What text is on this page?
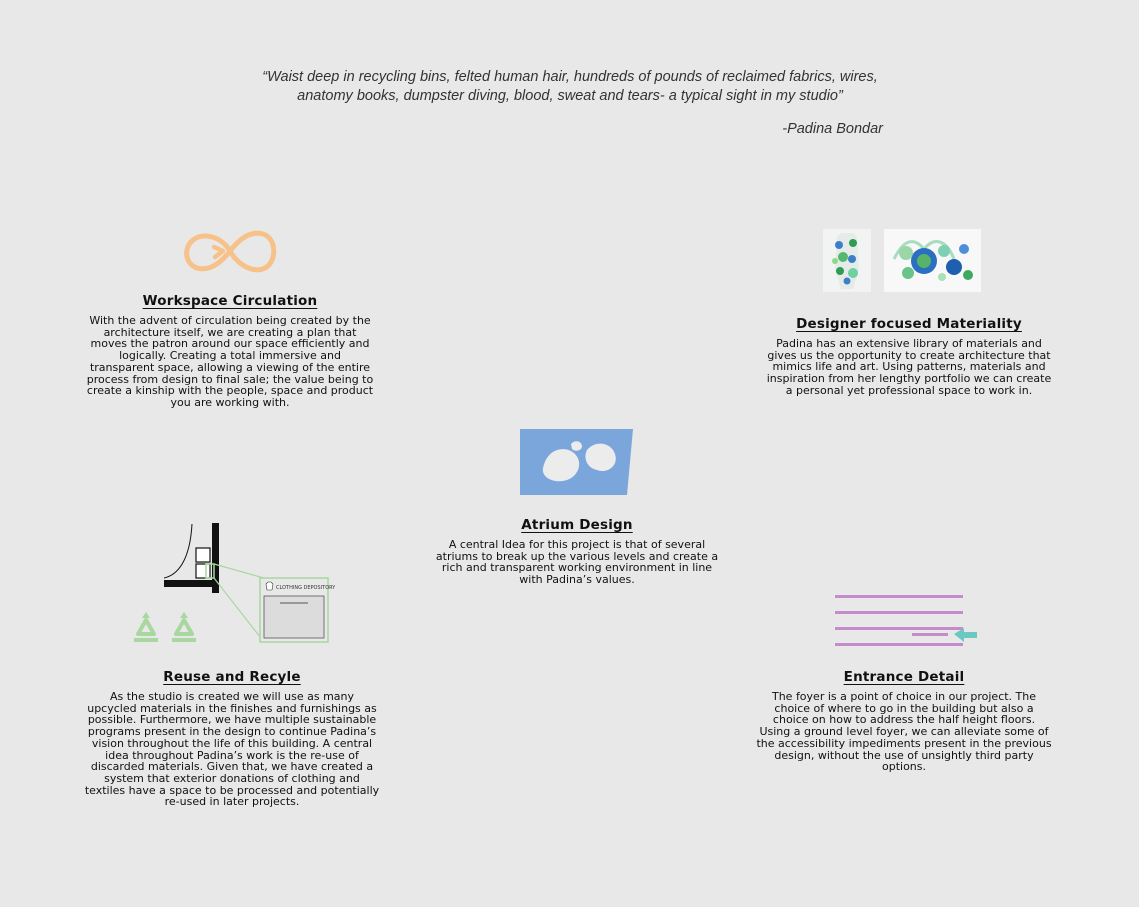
“Waist deep in recycling bins, felted human hair, hundreds of pounds of reclaimed fabrics, wires,
anatomy books, dumpster diving, blood, sweat and tears- a typical sight in my studio”
-Padina Bondar
Workspace Circulation

With the advent of circulation being created by the architecture itself, we are creating a plan that moves the patron around our space efficiently and logically. Creating a total immersive and transparent space, allowing a viewing of the entire process from design to final sale; the value being to create a kinship with the people, space and product you are working with.

Designer focused Materiality

Padina has an extensive library of materials and gives us the opportunity to create architecture that mimics life and art. Using patterns, materials and inspiration from her lengthy portfolio we can create a personal yet professional space to work in.

Atrium Design

A central Idea for this project is that of several atriums to break up the various levels and create a rich and transparent working environment in line with Padina’s values.

CLOTHING DEPOSITORY
Reuse and Recyle

As the studio is created we will use as many upcycled materials in the finishes and furnishings as possible. Furthermore, we have multiple sustainable programs present in the design to continue Padina’s vision throughout the life of this building. A central idea throughout Padina’s work is the re-use of discarded materials. Given that, we have created a system that exterior donations of clothing and textiles have a space to be processed and potentially re-used in later projects.

Entrance Detail

The foyer is a point of choice in our project. The choice of where to go in the building but also a choice on how to address the half height floors. Using a ground level foyer, we can alleviate some of the accessibility impediments present in the previous design, without the use of unsightly third party options.
